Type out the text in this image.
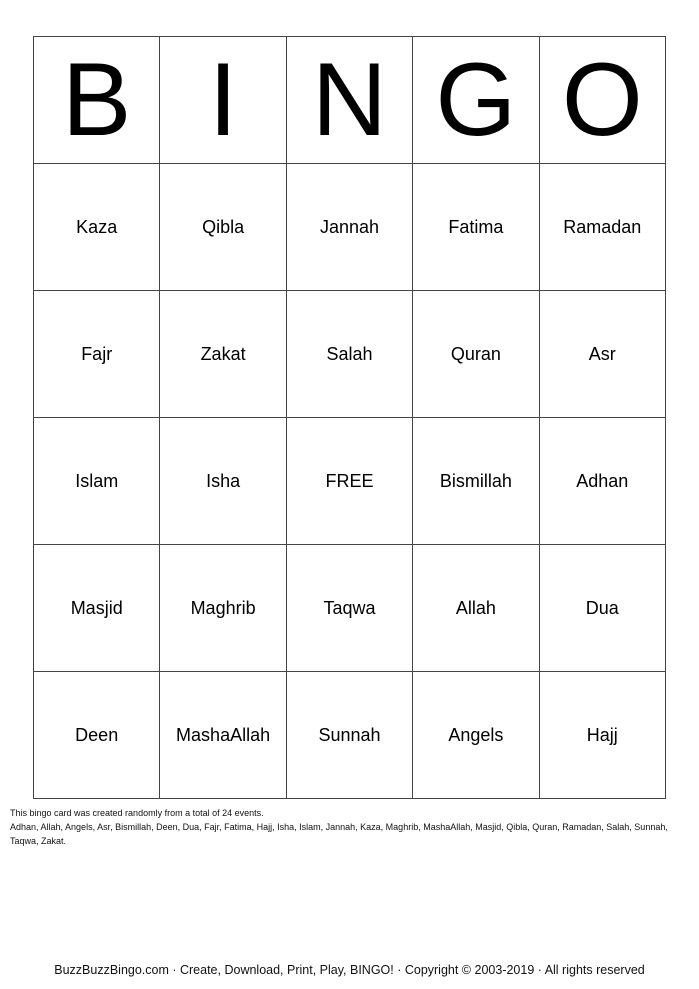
B	I	N	G	O
Kaza	Qibla	Jannah	Fatima	Ramadan
Fajr	Zakat	Salah	Quran	Asr
Islam	Isha	FREE	Bismillah	Adhan
Masjid	Maghrib	Taqwa	Allah	Dua
Deen	MashaAllah	Sunnah	Angels	Hajj
This bingo card was created randomly from a total of 24 events.
Adhan, Allah, Angels, Asr, Bismillah, Deen, Dua, Fajr, Fatima, Hajj, Isha, Islam, Jannah, Kaza, Maghrib, MashaAllah, Masjid, Qibla, Quran, Ramadan, Salah, Sunnah, Taqwa, Zakat.
BuzzBuzzBingo.com · Create, Download, Print, Play, BINGO! · Copyright © 2003-2019 · All rights reserved
